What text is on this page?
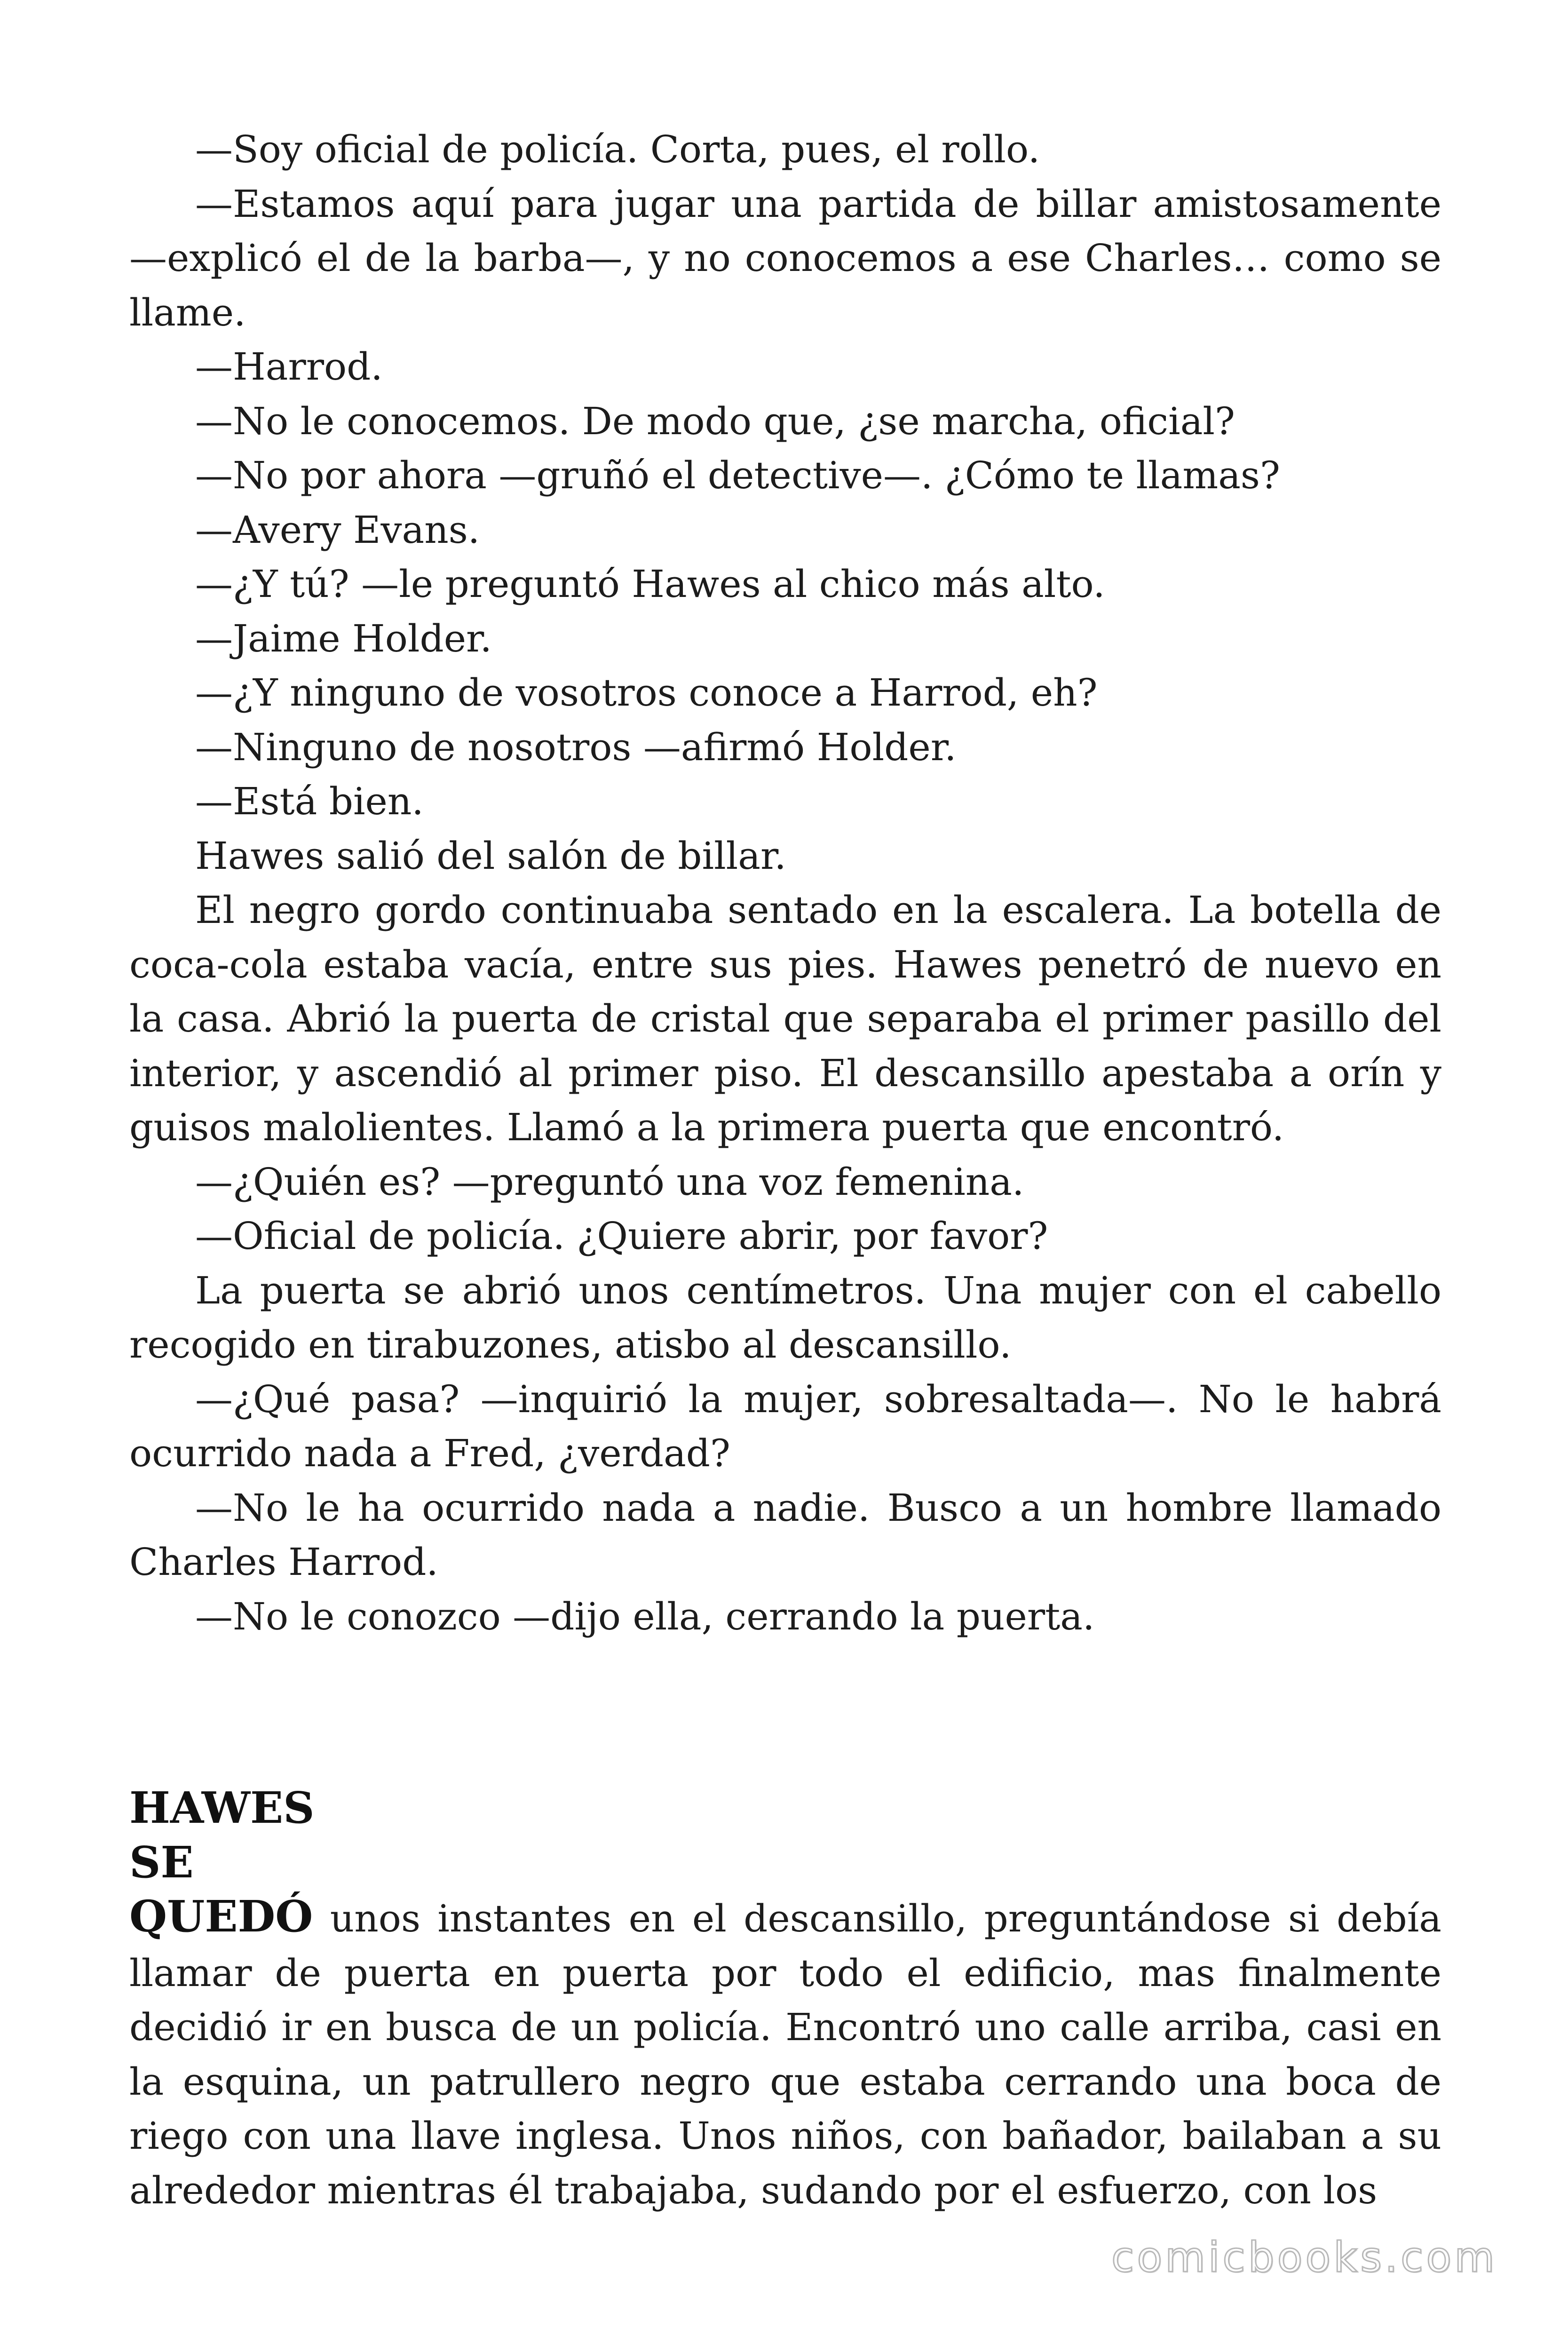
—Soy oficial de policía. Corta, pues, el rollo.

—Estamos aquí para jugar una partida de billar amistosamente —explicó el de la barba—, y no conocemos a ese Charles… como se llame.

—Harrod.

—No le conocemos. De modo que, ¿se marcha, oficial?

—No por ahora —gruñó el detective—. ¿Cómo te llamas?

—Avery Evans.

—¿Y tú? —le preguntó Hawes al chico más alto.

—Jaime Holder.

—¿Y ninguno de vosotros conoce a Harrod, eh?

—Ninguno de nosotros —afirmó Holder.

—Está bien.

Hawes salió del salón de billar.

El negro gordo continuaba sentado en la escalera. La botella de coca-cola estaba vacía, entre sus pies. Hawes penetró de nuevo en la casa. Abrió la puerta de cristal que separaba el primer pasillo del interior, y ascendió al primer piso. El descansillo apestaba a orín y guisos malolientes. Llamó a la primera puerta que encontró.

—¿Quién es? —preguntó una voz femenina.

—Oficial de policía. ¿Quiere abrir, por favor?

La puerta se abrió unos centímetros. Una mujer con el cabello recogido en tirabuzones, atisbo al descansillo.

—¿Qué pasa? —inquirió la mujer, sobresaltada—. No le habrá ocurrido nada a Fred, ¿verdad?

—No le ha ocurrido nada a nadie. Busco a un hombre llamado Charles Harrod.

—No le conozco —dijo ella, cerrando la puerta.

HAWES
SE

QUEDÓ unos instantes en el descansillo, preguntándose si debía llamar de puerta en puerta por todo el edificio, mas finalmente decidió ir en busca de un policía. Encontró uno calle arriba, casi en la esquina, un patrullero negro que estaba cerrando una boca de riego con una llave inglesa. Unos niños, con bañador, bailaban a su alrededor mientras él trabajaba, sudando por el esfuerzo, con los

comicbooks.com
